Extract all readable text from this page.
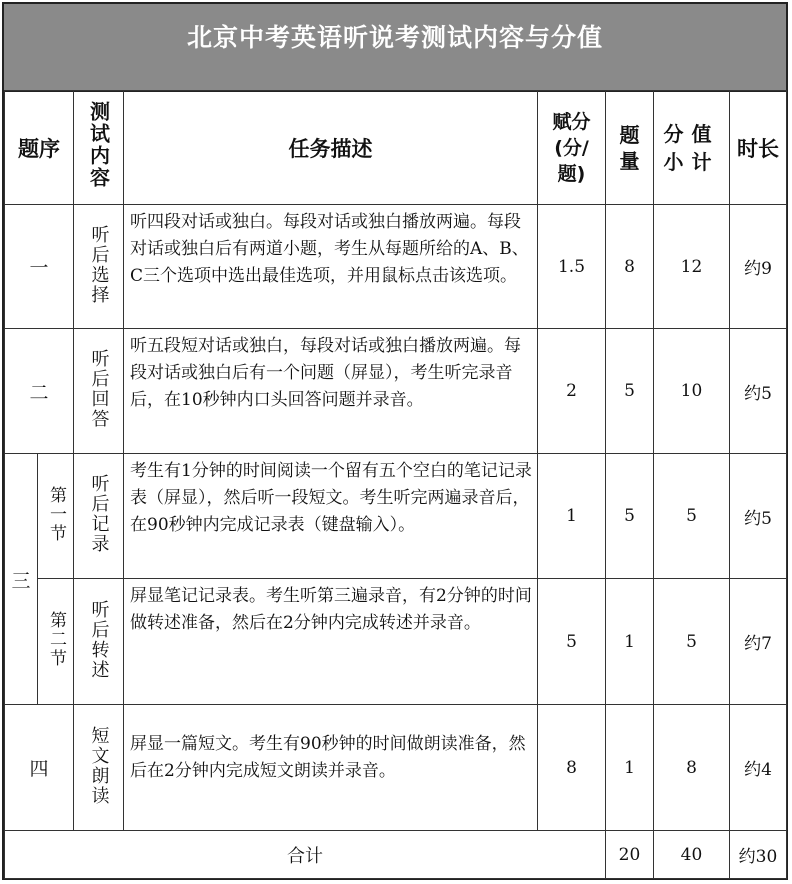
北京中考英语听说考测试内容与分值
题序		测试内容	任务描述	赋分(分/题)	题量	分值小计	时长
一		听后选择	听四段对话或独白。每段对话或独白播放两遍。每段对话或独白后有两道小题，考生从每题所给的A、B、C三个选项中选出最佳选项，并用鼠标点击该选项。	1.5	8	12	约9
二		听后回答	听五段短对话或独白，每段对话或独白播放两遍。每段对话或独白后有一个问题（屏显），考生听完录音后，在10秒钟内口头回答问题并录音。	2	5	10	约5
三	第一节	听后记录	考生有1分钟的时间阅读一个留有五个空白的笔记记录表（屏显），然后听一段短文。考生听完两遍录音后，在90秒钟内完成记录表（键盘输入）。	1	5	5	约5
	第二节	听后转述	屏显笔记记录表。考生听第三遍录音，有2分钟的时间做转述准备，然后在2分钟内完成转述并录音。	5	1	5	约7
四		短文朗读	屏显一篇短文。考生有90秒钟的时间做朗读准备，然后在2分钟内完成短文朗读并录音。	8	1	8	约4
合计					20	40	约30
